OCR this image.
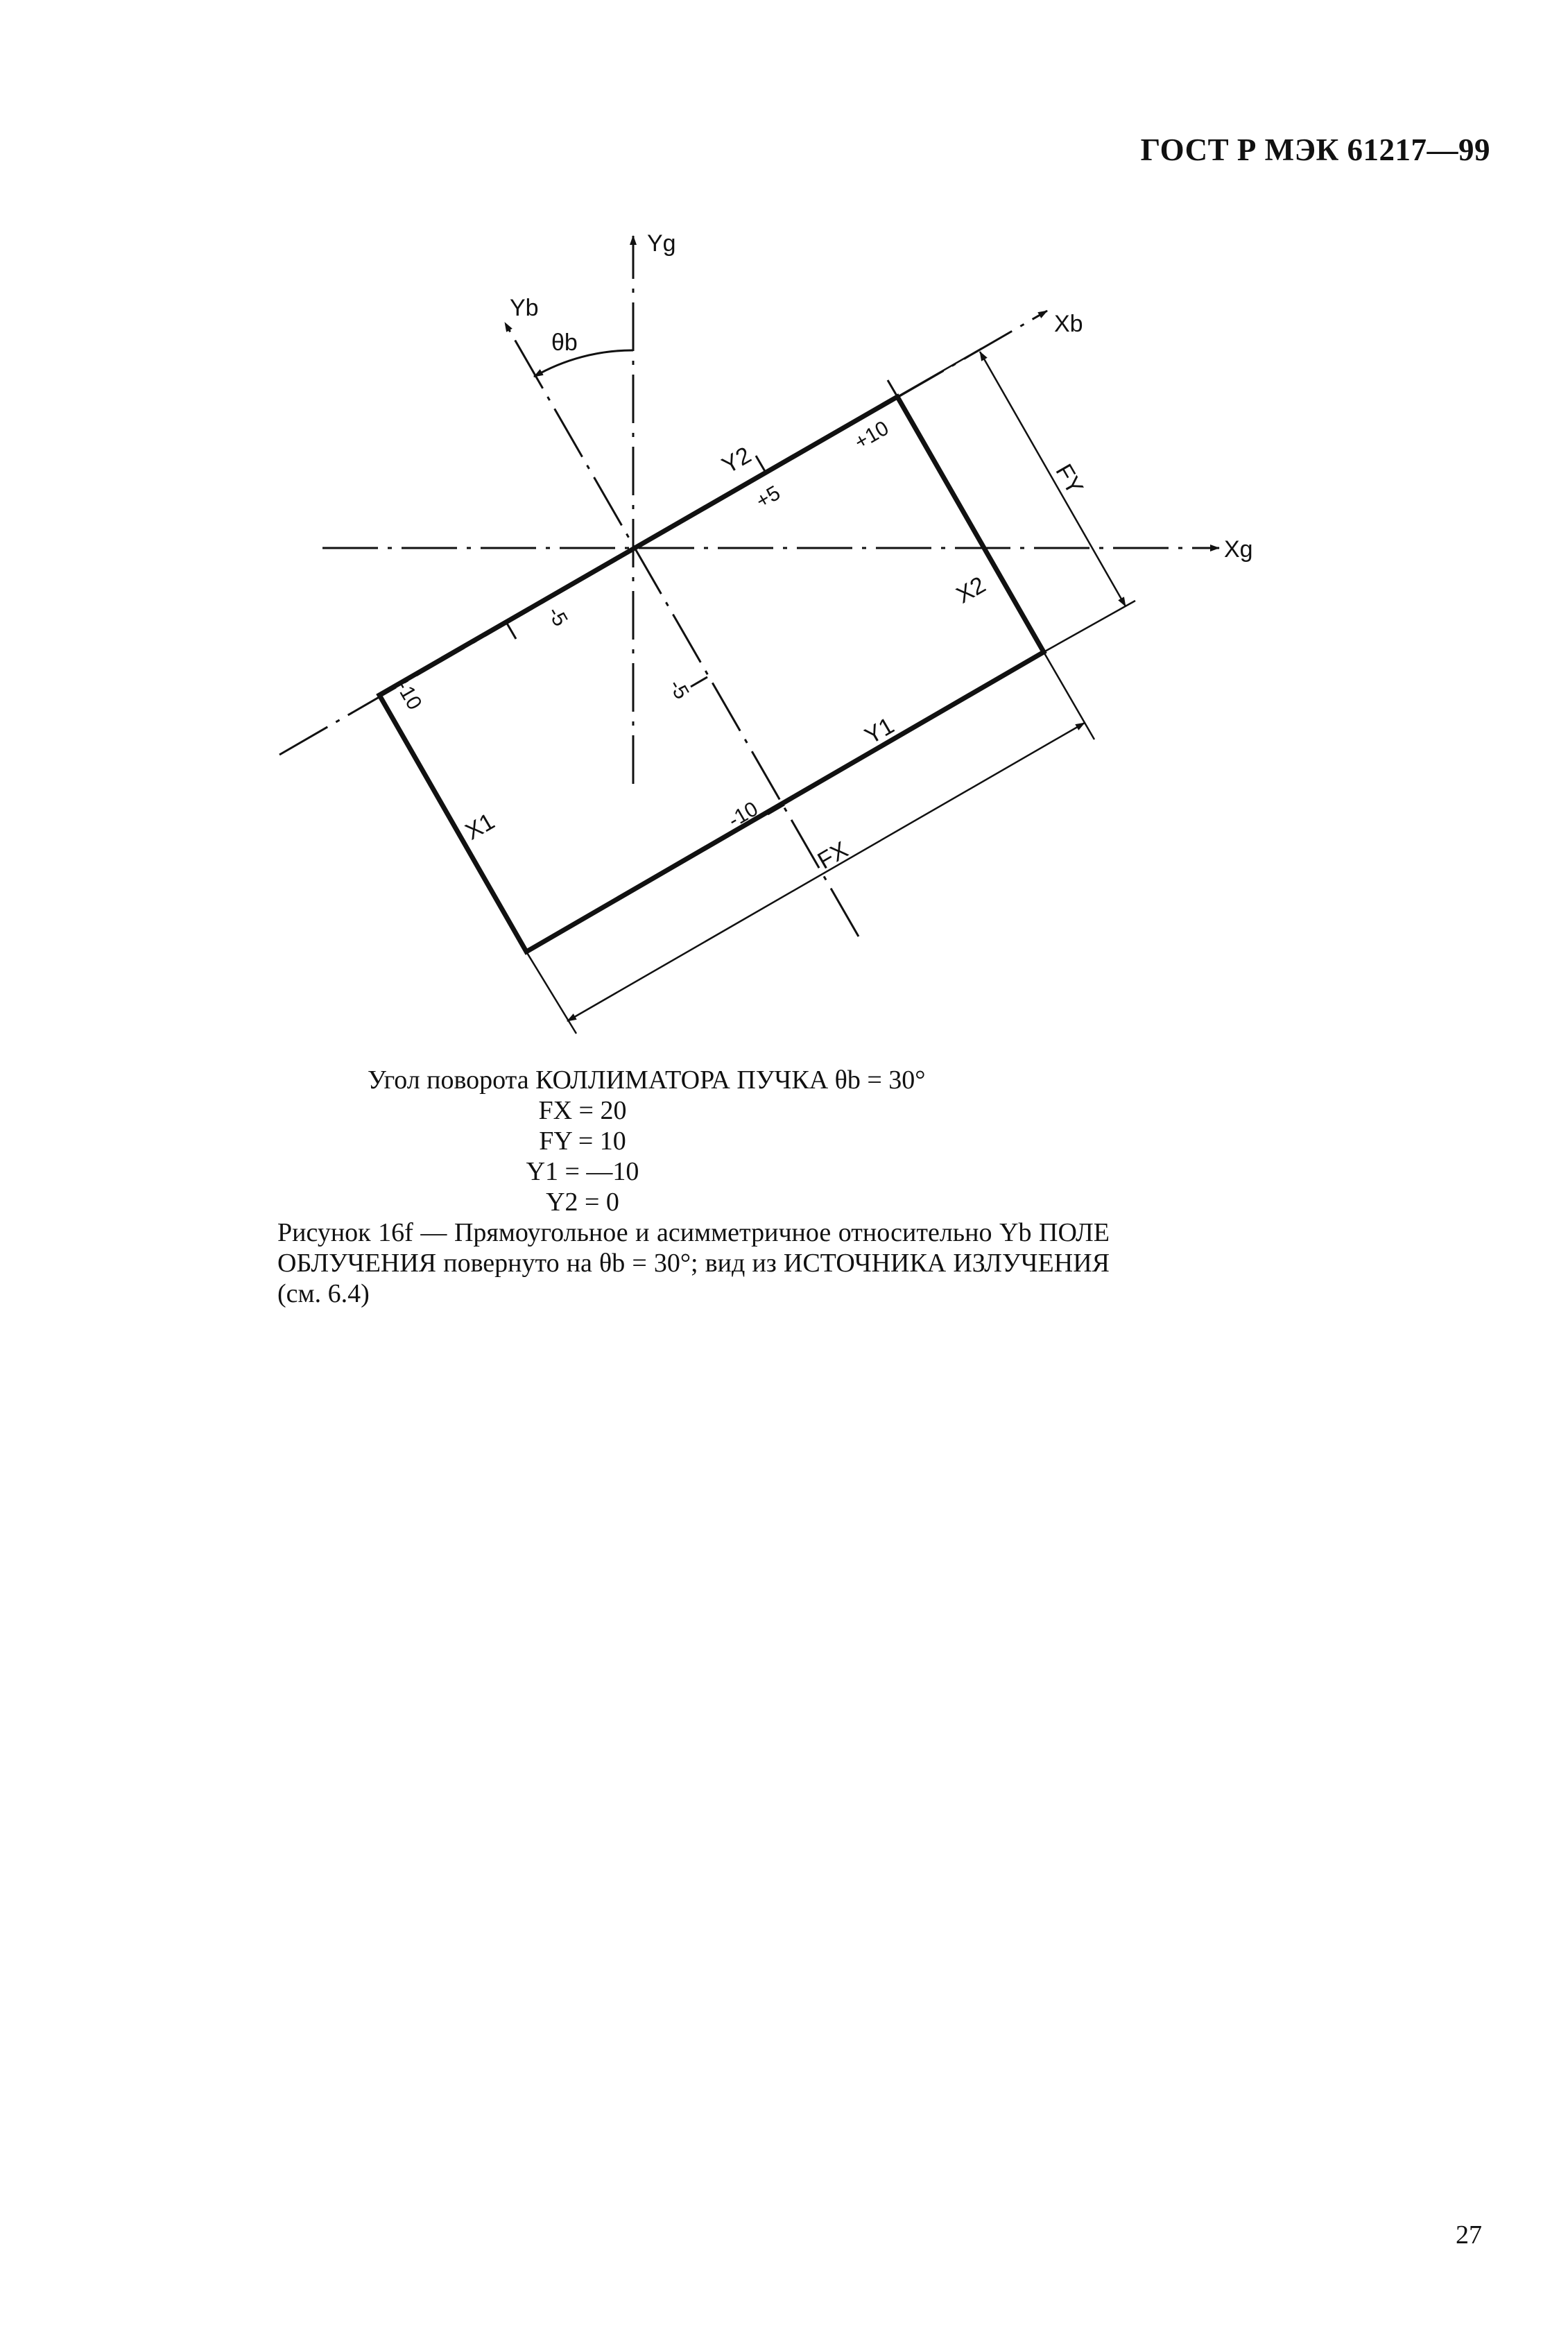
ГОСТ Р МЭК 61217—99
Yg
Xg
Yb
Xb
θb
Y2
Y1
X1
X2
FY
FX
+10
+5
-5
-10	-5
-10
Угол поворота КОЛЛИМАТОРА ПУЧКА θb = 30°
FX = 20
FY = 10
Y1 = —10
Y2 = 0
Рисунок 16f — Прямоугольное и асимметричное относительно Yb ПОЛЕ ОБЛУЧЕНИЯ повернуто на θb = 30°; вид из ИСТОЧНИКА ИЗЛУЧЕНИЯ (см. 6.4)
27
